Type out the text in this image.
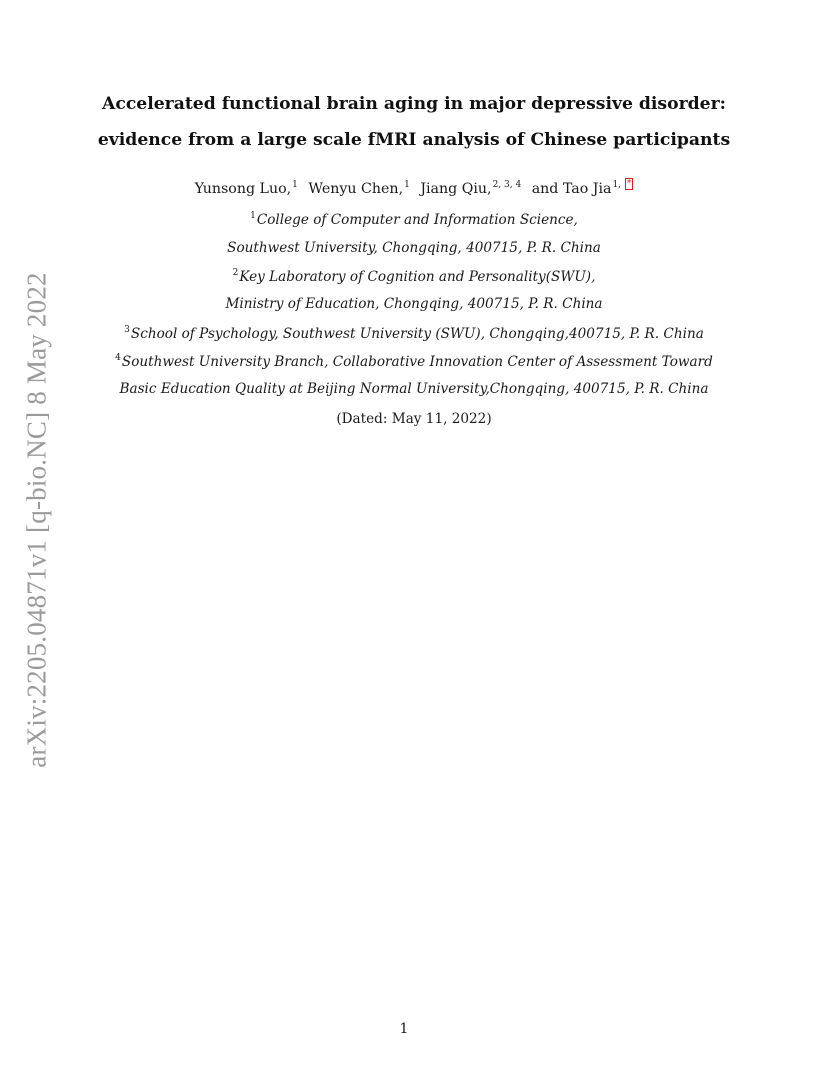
arXiv:2205.04871v1 [q-bio.NC] 8 May 2022
Accelerated functional brain aging in major depressive disorder:
evidence from a large scale fMRI analysis of Chinese participants
Yunsong Luo,$^1$ Wenyu Chen,$^1$ Jiang Qiu,$^{2, 3, 4}$ and Tao Jia$^{1,}$ *
$^1$College of Computer and Information Science,
Southwest University, Chongqing, 400715, P. R. China
$^2$Key Laboratory of Cognition and Personality(SWU),
Ministry of Education, Chongqing, 400715, P. R. China
$^3$School of Psychology, Southwest University (SWU), Chongqing,400715, P. R. China
$^4$Southwest University Branch, Collaborative Innovation Center of Assessment Toward
Basic Education Quality at Beijing Normal University,Chongqing, 400715, P. R. China
(Dated: May 11, 2022)
1
